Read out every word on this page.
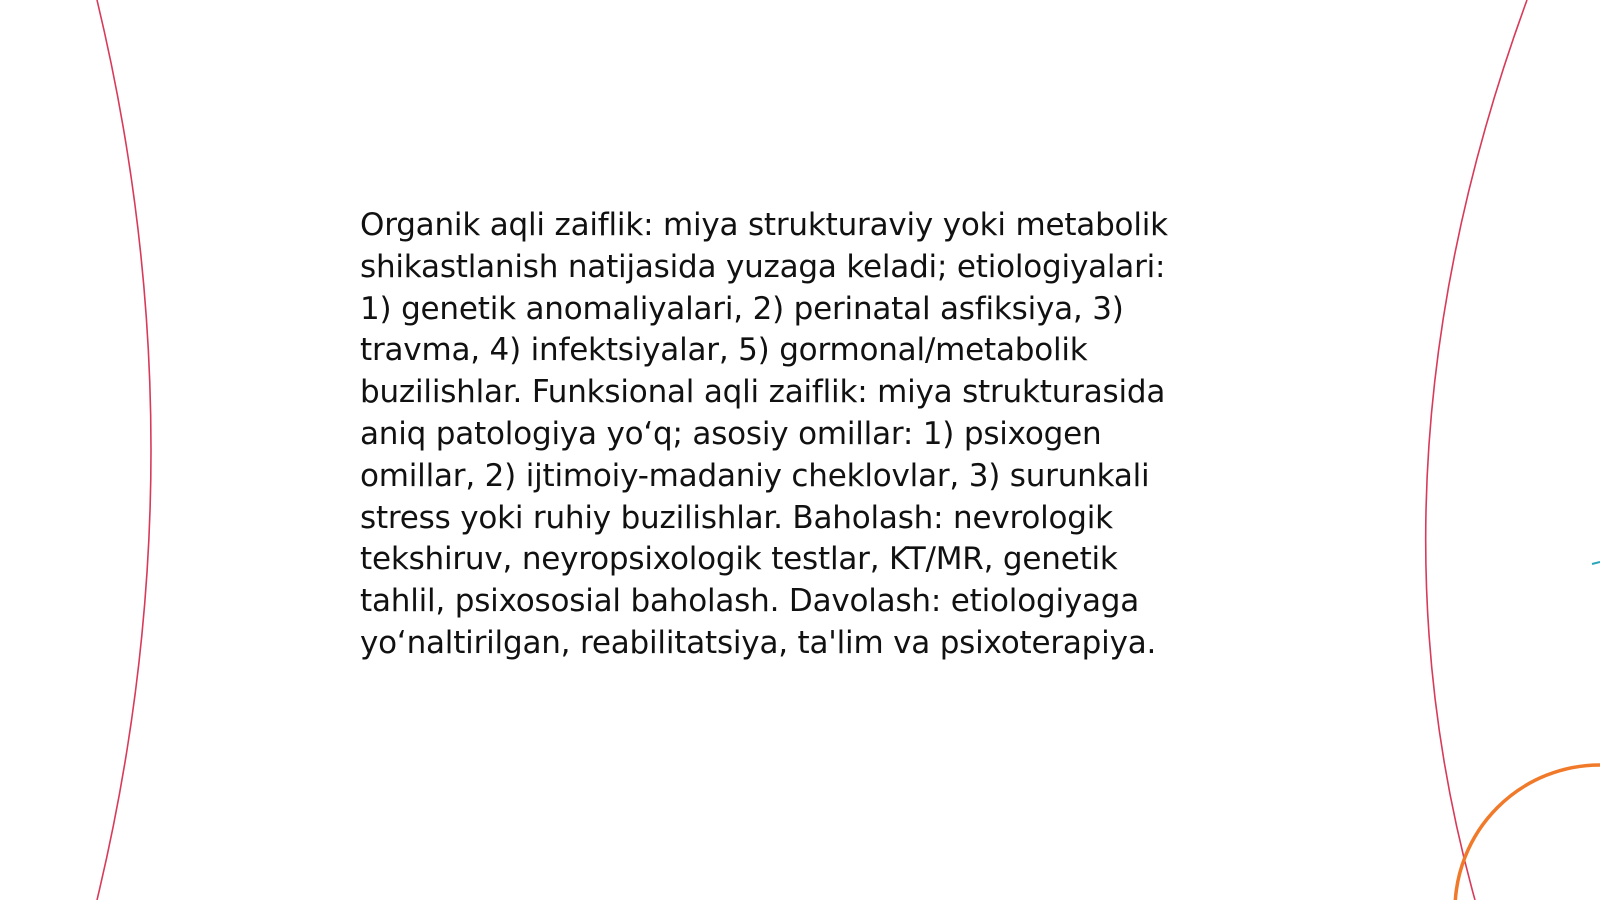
Organik aqli zaiflik: miya strukturaviy yoki metabolik
shikastlanish natijasida yuzaga keladi; etiologiyalari:
1) genetik anomaliyalari, 2) perinatal asfiksiya, 3)
travma, 4) infektsiyalar, 5) gormonal/metabolik
buzilishlar. Funksional aqli zaiflik: miya strukturasida
aniq patologiya yo‘q; asosiy omillar: 1) psixogen
omillar, 2) ijtimoiy-madaniy cheklovlar, 3) surunkali
stress yoki ruhiy buzilishlar. Baholash: nevrologik
tekshiruv, neyropsixologik testlar, KT/MR, genetik
tahlil, psixososial baholash. Davolash: etiologiyaga
yo‘naltirilgan, reabilitatsiya, ta'lim va psixoterapiya.
